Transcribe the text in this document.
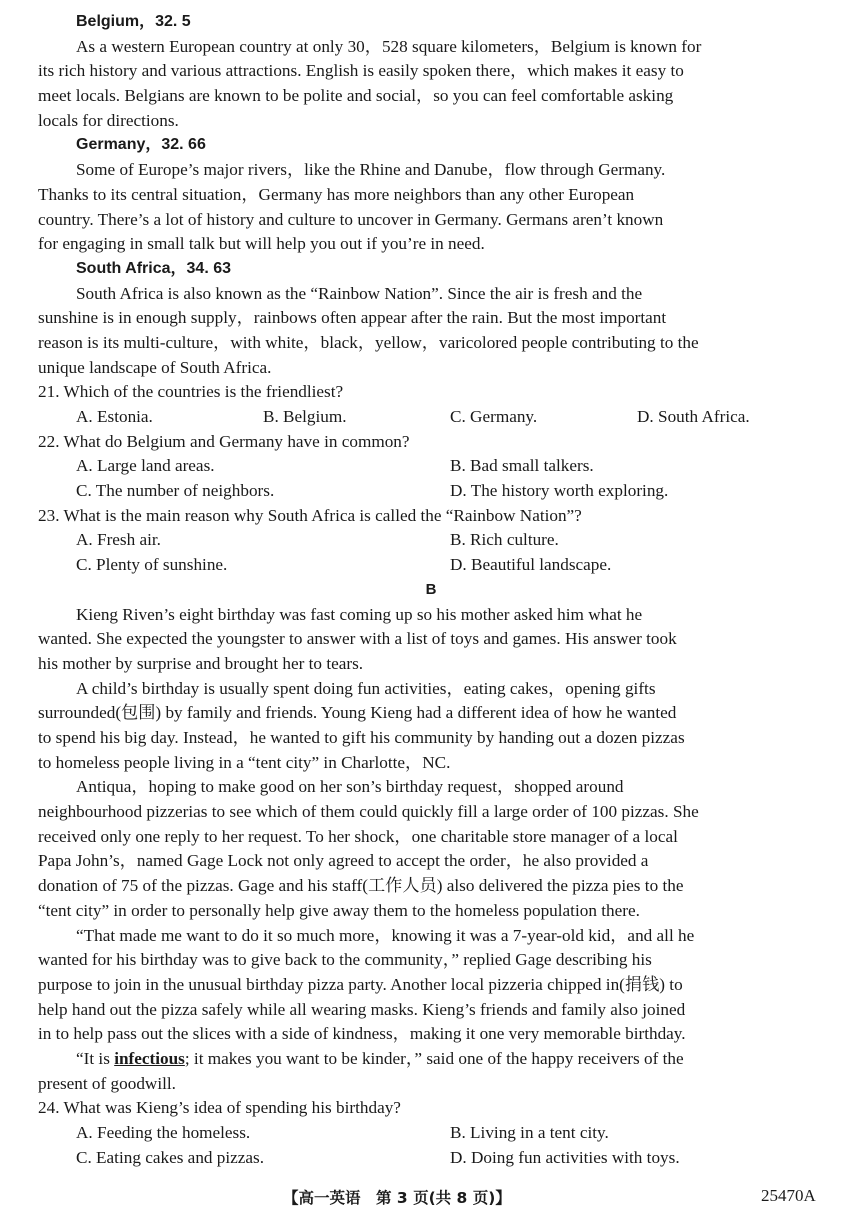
Belgium，32. 5
As a western European country at only 30，528 square kilometers，Belgium is known for
its rich history and various attractions. English is easily spoken there，which makes it easy to
meet locals. Belgians are known to be polite and social，so you can feel comfortable asking
locals for directions.
Germany，32. 66
Some of Europe’s major rivers，like the Rhine and Danube，flow through Germany.
Thanks to its central situation，Germany has more neighbors than any other European
country. There’s a lot of history and culture to uncover in Germany. Germans aren’t known
for engaging in small talk but will help you out if you’re in need.
South Africa，34. 63
South Africa is also known as the “Rainbow Nation”. Since the air is fresh and the
sunshine is in enough supply，rainbows often appear after the rain. But the most important
reason is its multi-culture，with white，black，yellow，varicolored people contributing to the
unique landscape of South Africa.
21. Which of the countries is the friendliest?
A. Estonia.	B. Belgium.	C. Germany.	D. South Africa.
22. What do Belgium and Germany have in common?
A. Large land areas.	B. Bad small talkers.
C. The number of neighbors.	D. The history worth exploring.
23. What is the main reason why South Africa is called the “Rainbow Nation”?
A. Fresh air.	B. Rich culture.
C. Plenty of sunshine.	D. Beautiful landscape.
B
Kieng Riven’s eight birthday was fast coming up so his mother asked him what he
wanted. She expected the youngster to answer with a list of toys and games. His answer took
his mother by surprise and brought her to tears.
A child’s birthday is usually spent doing fun activities，eating cakes，opening gifts
surrounded(包围) by family and friends. Young Kieng had a different idea of how he wanted
to spend his big day. Instead，he wanted to gift his community by handing out a dozen pizzas
to homeless people living in a “tent city” in Charlotte，NC.
Antiqua，hoping to make good on her son’s birthday request，shopped around
neighbourhood pizzerias to see which of them could quickly fill a large order of 100 pizzas. She
received only one reply to her request. To her shock，one charitable store manager of a local
Papa John’s，named Gage Lock not only agreed to accept the order，he also provided a
donation of 75 of the pizzas. Gage and his staff(工作人员) also delivered the pizza pies to the
“tent city” in order to personally help give away them to the homeless population there.
“That made me want to do it so much more，knowing it was a 7-year-old kid，and all he
wanted for his birthday was to give back to the community，” replied Gage describing his
purpose to join in the unusual birthday pizza party. Another local pizzeria chipped in(捐钱) to
help hand out the pizza safely while all wearing masks. Kieng’s friends and family also joined
in to help pass out the slices with a side of kindness，making it one very memorable birthday.
“It is infectious; it makes you want to be kinder，” said one of the happy receivers of the
present of goodwill.
24. What was Kieng’s idea of spending his birthday?
A. Feeding the homeless.	B. Living in a tent city.
C. Eating cakes and pizzas.	D. Doing fun activities with toys.
【高一英语　第 3 页(共 8 页)】	25470A
